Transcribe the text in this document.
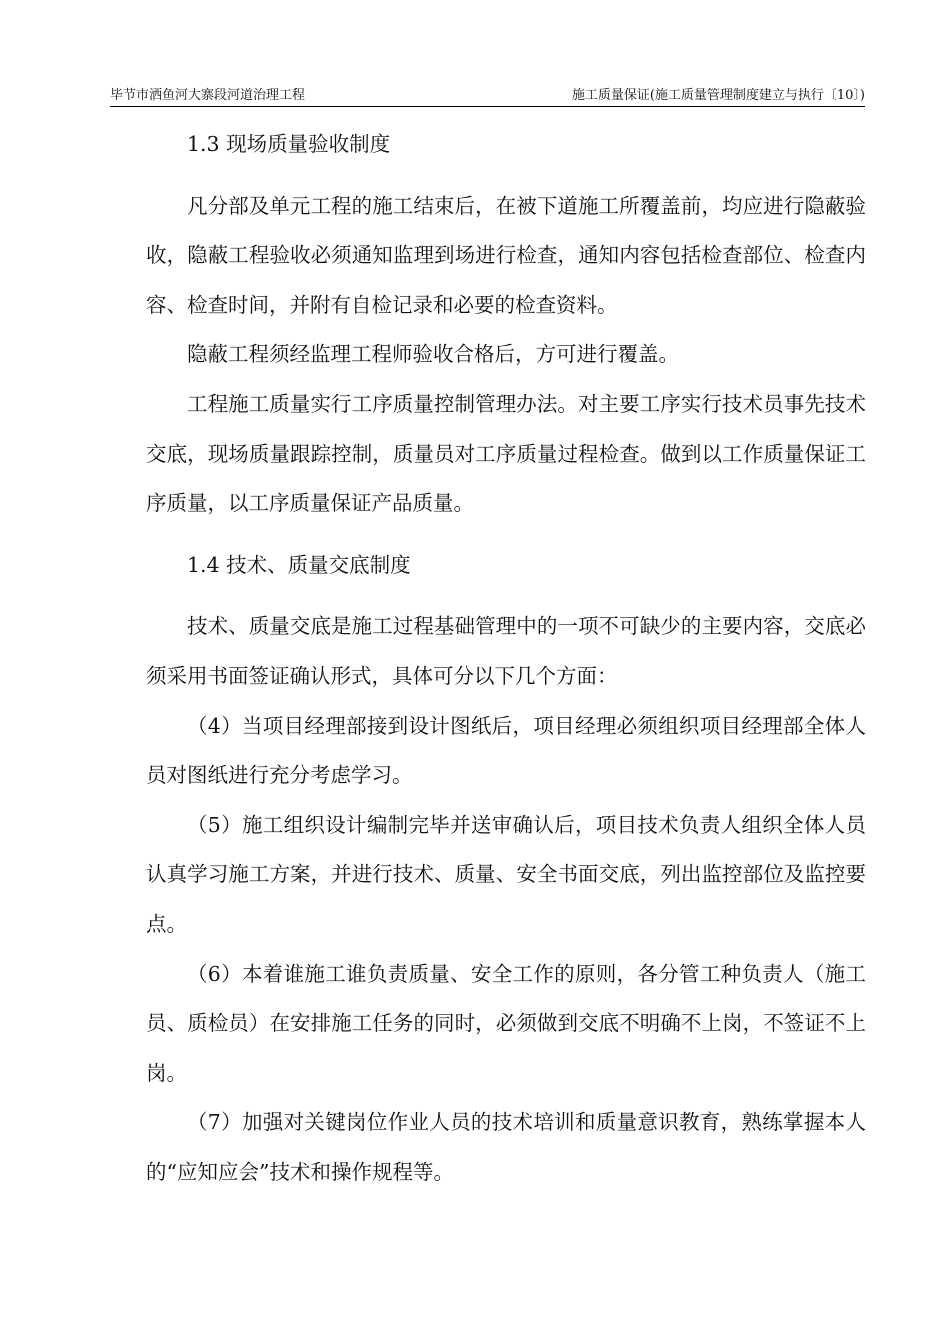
毕节市洒鱼河大寨段河道治理工程	施工质量保证(施工质量管理制度建立与执行〔10〕)
1.3 现场质量验收制度

凡分部及单元工程的施工结束后，在被下道施工所覆盖前，均应进行隐蔽验收，隐蔽工程验收必须通知监理到场进行检查，通知内容包括检查部位、检查内容、检查时间，并附有自检记录和必要的检查资料。

隐蔽工程须经监理工程师验收合格后，方可进行覆盖。

工程施工质量实行工序质量控制管理办法。对主要工序实行技术员事先技术交底，现场质量跟踪控制，质量员对工序质量过程检查。做到以工作质量保证工序质量，以工序质量保证产品质量。

1.4 技术、质量交底制度

技术、质量交底是施工过程基础管理中的一项不可缺少的主要内容，交底必须采用书面签证确认形式，具体可分以下几个方面：

（4）当项目经理部接到设计图纸后，项目经理必须组织项目经理部全体人员对图纸进行充分考虑学习。

（5）施工组织设计编制完毕并送审确认后，项目技术负责人组织全体人员认真学习施工方案，并进行技术、质量、安全书面交底，列出监控部位及监控要点。

（6）本着谁施工谁负责质量、安全工作的原则，各分管工种负责人（施工员、质检员）在安排施工任务的同时，必须做到交底不明确不上岗，不签证不上岗。

（7）加强对关键岗位作业人员的技术培训和质量意识教育，熟练掌握本人的“应知应会”技术和操作规程等。
